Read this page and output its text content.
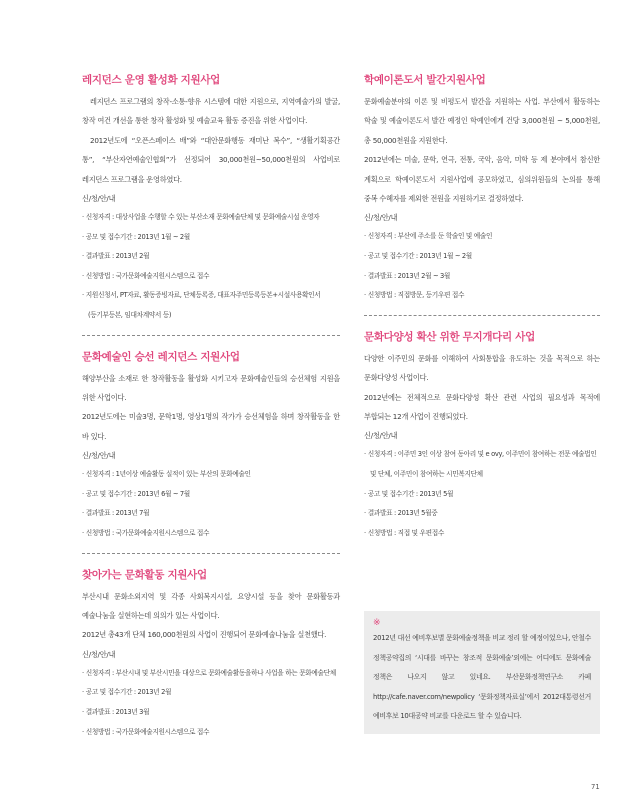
레지던스 운영 활성화 지원사업

레지던스 프로그램의 창작-소통-향유 시스템에 대한 지원으로, 지역예술가의 발굴, 창작 여건 개선을 통한 창작 활성화 및 예술교육 활동 증진을 위한 사업이다.

2012년도에 “오픈스페이스 배”와 “대안문화행동 재미난 복수”, “생활기획공간 통”, “부산자연예술인협회”가 선정되어 30,000천원~50,000천원의 사업비로 레지던스 프로그램을 운영하였다.

신/청/안/내

· 신청자격 : 대상사업을 수행할 수 있는 부산소재 문화예술단체 및 문화예술시설 운영자
· 공모 및 접수기간 : 2013년 1월 ~ 2월
· 결과발표 : 2013년 2월
· 신청방법 : 국가문화예술지원시스템으로 접수
· 지원신청서, PT자료, 활동증빙자료, 단체등록증, 대표자주민등록등본+시설사용확인서(등기부등본, 임대차계약서 등)
문화예술인 승선 레지던스 지원사업

해양부산을 소재로 한 창작활동을 활성화 시키고자 문화예술인들의 승선체험 지원을 위한 사업이다.

2012년도에는 미술3명, 문학1명, 영상1명의 작가가 승선체험을 하며 창작활동을 한 바 있다.

신/청/안/내

· 신청자격 : 1년이상 예술활동 실적이 있는 부산의 문화예술인
· 공고 및 접수기간 : 2013년 6월 ~ 7월
· 결과발표 : 2013년 7월
· 신청방법 : 국가문화예술지원시스템으로 접수
찾아가는 문화활동 지원사업

부산시내 문화소외지역 및 각종 사회복지시설, 요양시설 등을 찾아 문화활동과 예술나눔을 실현하는데 의의가 있는 사업이다.

2012년 총43개 단체 160,000천원의 사업이 진행되어 문화예술나눔을 실천했다.

신/청/안/내

· 신청자격 : 부산시내 및 부산시민을 대상으로 문화예술활동을하나 사업을 하는 문화예술단체
· 공고 및 접수기간 : 2013년 2월
· 결과발표 : 2013년 3월
· 신청방법 : 국가문화예술지원시스템으로 접수
학예이론도서 발간지원사업

문화예술분야의 이론 및 비평도서 발간을 지원하는 사업. 부산에서 활동하는 학술 및 예술이론도서 발간 예정인 학예인에게 건당 3,000천원 ~ 5,000천원, 총 50,000천원을 지원한다.

2012년에는 미술, 문학, 연극, 전통, 국악, 음악, 미학 등 제 분야에서 참신한 계획으로 학예이론도서 지원사업에 공모하였고, 심의위원들의 논의를 통해 중복 수혜자를 제외한 전원을 지원하기로 결정하였다.

신/청/안/내

· 신청자격 : 부산에 주소를 둔 학술인 및 예술인
· 공고 및 접수기간 : 2013년 1월 ~ 2월
· 결과발표 : 2013년 2월 ~ 3월
· 신청방법 : 직접방문, 등기우편 접수
문화다양성 확산 위한 무지개다리 사업

다양한 이주민의 문화를 이해하여 사회통합을 유도하는 것을 목적으로 하는 문화다양성 사업이다.

2012년에는 전체적으로 문화다양성 확산 관련 사업의 필요성과 목적에 부합되는 12개 사업이 진행되었다.

신/청/안/내

· 신청자격 : 이주민 3인 이상 참여 동아리 및 e ovy, 이주민이 참여하는 전문 예술법인 및 단체, 이주민이 참여하는 시민복지단체
· 공고 및 접수기간 : 2013년 5월
· 결과발표 : 2013년 5월중
· 신청방법 : 직접 및 우편접수
※

2012년 대선 예비후보별 문화예술정책을 비교 정리 할 예정이었으나, 안철수 정책공약집의 ‘시대를 바꾸는 창조적 문화예술’외에는 어디에도 문화예술 정책은 나오지 않고 있네요. 부산문화정책연구소 카페 http://cafe.naver.com/newpolicy ‘문화정책자료실’에서 2012대통령선거 예비후보 10대공약 비교를 다운로드 할 수 있습니다.

71
